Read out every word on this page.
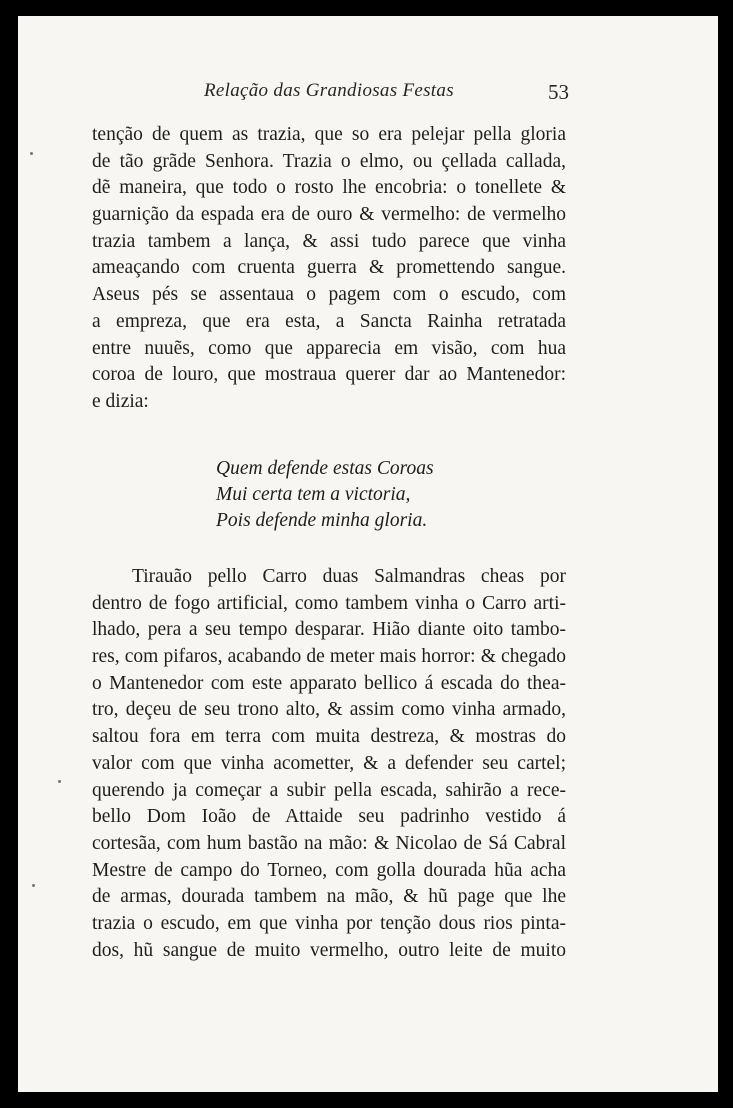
Relação das Grandiosas Festas	53
tenção de quem as trazia, que so era pelejar pella gloria
de tão grãde Senhora. Trazia o elmo, ou çellada callada,
dẽ maneira, que todo o rosto lhe encobria: o tonellete &
guarnição da espada era de ouro & vermelho: de vermelho
trazia tambem a lança, & assi tudo parece que vinha
ameaçando com cruenta guerra & promettendo sangue.
Aseus pés se assentaua o pagem com o escudo, com
a empreza, que era esta, a Sancta Rainha retratada
entre nuuẽs, como que apparecia em visão, com hua
coroa de louro, que mostraua querer dar ao Mantenedor:
e dizia:
Quem defende estas Coroas
Mui certa tem a victoria,
Pois defende minha gloria.
Tirauão pello Carro duas Salmandras cheas por
dentro de fogo artificial, como tambem vinha o Carro arti-
lhado, pera a seu tempo desparar. Hião diante oito tambo-
res, com pifaros, acabando de meter mais horror: & chegado
o Mantenedor com este apparato bellico á escada do thea-
tro, deçeu de seu trono alto, & assim como vinha armado,
saltou fora em terra com muita destreza, & mostras do
valor com que vinha acometter, & a defender seu cartel;
querendo ja começar a subir pella escada, sahirão a rece-
bello Dom Ioão de Attaide seu padrinho vestido á
cortesãa, com hum bastão na mão: & Nicolao de Sá Cabral
Mestre de campo do Torneo, com golla dourada hũa acha
de armas, dourada tambem na mão, & hũ page que lhe
trazia o escudo, em que vinha por tenção dous rios pinta-
dos, hũ sangue de muito vermelho, outro leite de muito
